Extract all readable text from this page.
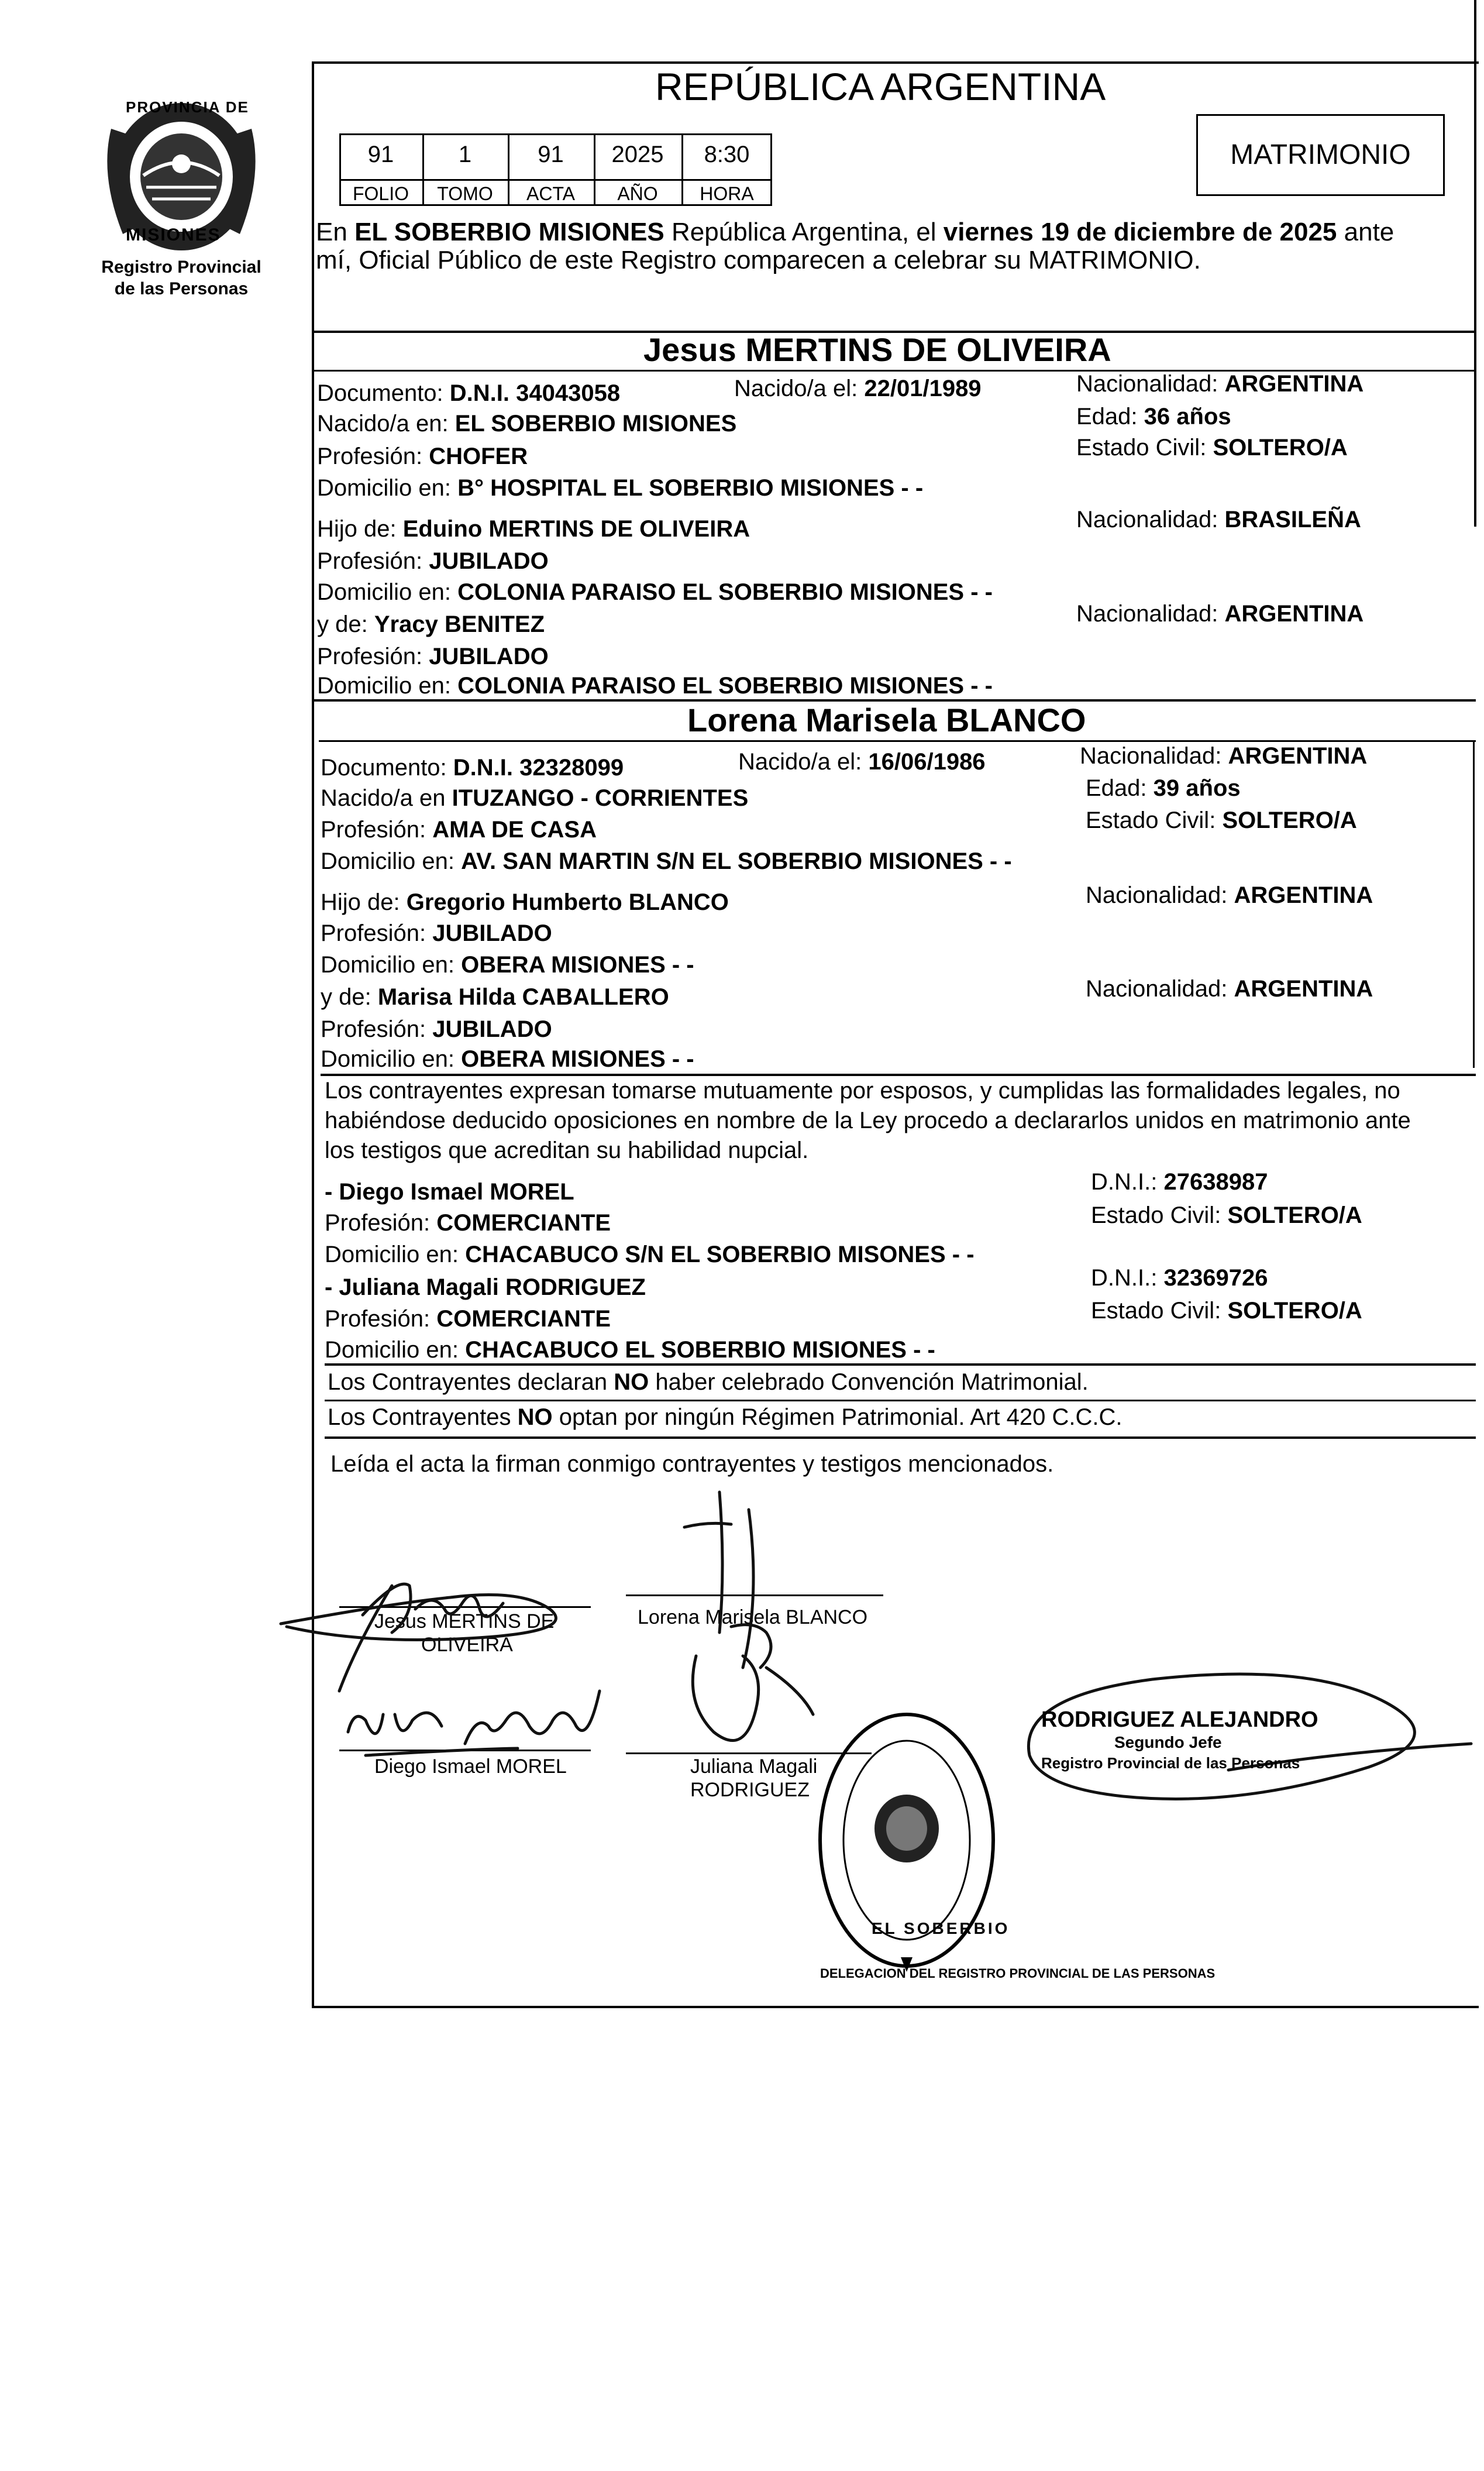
PROVINCIA DE
MISIONES
Registro Provincial
de las Personas
REPÚBLICA ARGENTINA
91	1	91	2025	8:30
FOLIO	TOMO	ACTA	AÑO	HORA
MATRIMONIO
En EL SOBERBIO MISIONES República Argentina, el viernes 19 de diciembre de 2025 ante
mí, Oficial Público de este Registro comparecen a celebrar su MATRIMONIO.
Jesus MERTINS DE OLIVEIRA
Documento: D.N.I. 34043058	Nacido/a el: 22/01/1989	Nacionalidad: ARGENTINA
Nacido/a en: EL SOBERBIO MISIONES	Edad: 36 años
Profesión: CHOFER	Estado Civil: SOLTERO/A
Domicilio en: B° HOSPITAL EL SOBERBIO MISIONES - -
Hijo de: Eduino MERTINS DE OLIVEIRA	Nacionalidad: BRASILEÑA
Profesión: JUBILADO
Domicilio en: COLONIA PARAISO EL SOBERBIO MISIONES - -
y de: Yracy BENITEZ	Nacionalidad: ARGENTINA
Profesión: JUBILADO
Domicilio en: COLONIA PARAISO EL SOBERBIO MISIONES - -
Lorena Marisela BLANCO
Documento: D.N.I. 32328099	Nacido/a el: 16/06/1986	Nacionalidad: ARGENTINA
Nacido/a en ITUZANGO - CORRIENTES	Edad: 39 años
Profesión: AMA DE CASA	Estado Civil: SOLTERO/A
Domicilio en: AV. SAN MARTIN S/N EL SOBERBIO MISIONES - -
Hijo de: Gregorio Humberto BLANCO	Nacionalidad: ARGENTINA
Profesión: JUBILADO
Domicilio en: OBERA MISIONES - -
y de: Marisa Hilda CABALLERO	Nacionalidad: ARGENTINA
Profesión: JUBILADO
Domicilio en: OBERA MISIONES - -
Los contrayentes expresan tomarse mutuamente por esposos, y cumplidas las formalidades legales, no
habiéndose deducido oposiciones en nombre de la Ley procedo a declararlos unidos en matrimonio ante
los testigos que acreditan su habilidad nupcial.
- Diego Ismael MOREL	D.N.I.: 27638987
Profesión: COMERCIANTE	Estado Civil: SOLTERO/A
Domicilio en: CHACABUCO S/N EL SOBERBIO MISONES - -
- Juliana Magali RODRIGUEZ	D.N.I.: 32369726
Profesión: COMERCIANTE	Estado Civil: SOLTERO/A
Domicilio en: CHACABUCO EL SOBERBIO MISIONES - -
Los Contrayentes declaran NO haber celebrado Convención Matrimonial.
Los Contrayentes NO optan por ningún Régimen Patrimonial. Art 420 C.C.C.
Leída el acta la firman conmigo contrayentes y testigos mencionados.
Jesus MERTINS DE
OLIVEIRA
Lorena Marisela BLANCO
Diego Ismael MOREL	Juliana Magali
RODRIGUEZ
DELEGACION DEL REGISTRO PROVINCIAL DE LAS PERSONAS
EL SOBERBIO
RODRIGUEZ ALEJANDRO
Segundo Jefe
Registro Provincial de las Personas
